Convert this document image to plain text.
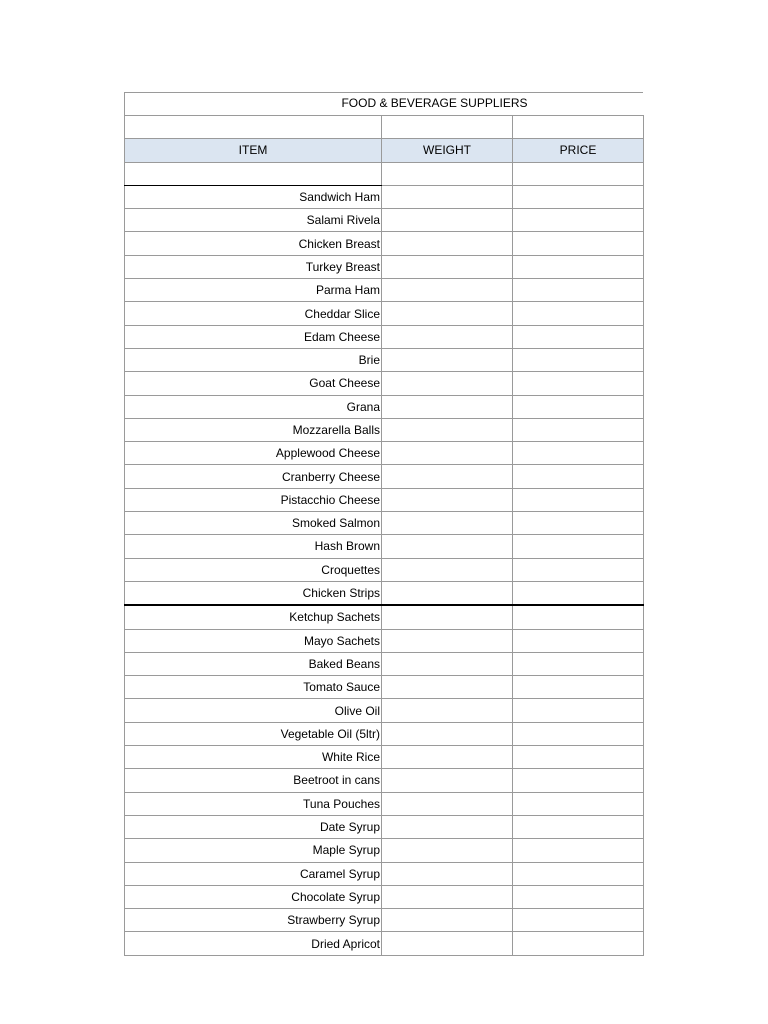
FOOD & BEVERAGE SUPPLIERS

ITEM	WEIGHT	PRICE

Sandwich Ham		
Salami Rivela		
Chicken Breast		
Turkey Breast		
Parma Ham		
Cheddar Slice		
Edam Cheese		
Brie		
Goat Cheese		
Grana		
Mozzarella Balls		
Applewood Cheese		
Cranberry Cheese		
Pistacchio Cheese		
Smoked Salmon		
Hash Brown		
Croquettes		
Chicken Strips		
Ketchup Sachets		
Mayo Sachets		
Baked Beans		
Tomato Sauce		
Olive Oil		
Vegetable Oil (5ltr)		
White Rice		
Beetroot in cans		
Tuna Pouches		
Date Syrup		
Maple Syrup		
Caramel Syrup		
Chocolate Syrup		
Strawberry Syrup		
Dried Apricot		
